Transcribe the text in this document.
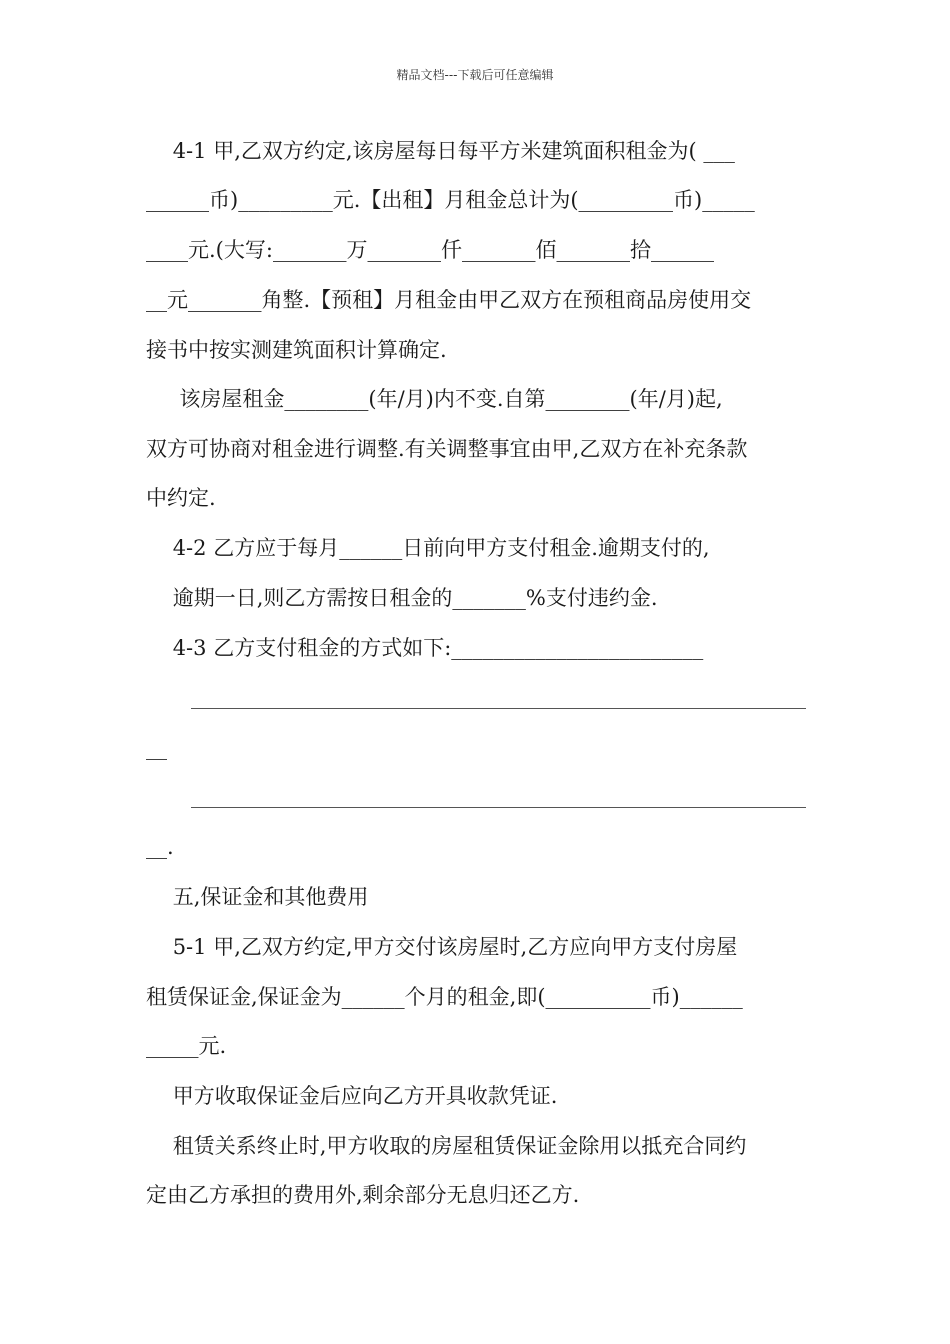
精品文档---下载后可任意编辑
4-1 甲,乙双方约定,该房屋每日每平方米建筑面积租金为( ___
______币)_________元.【出租】月租金总计为(_________币)_____
____元.(大写:_______万_______仟_______佰_______拾______
__元_______角整.【预租】月租金由甲乙双方在预租商品房使用交
接书中按实测建筑面积计算确定.
该房屋租金________(年/月)内不变.自第________(年/月)起,
双方可协商对租金进行调整.有关调整事宜由甲,乙双方在补充条款
中约定.
4-2 乙方应于每月______日前向甲方支付租金.逾期支付的,
逾期一日,则乙方需按日租金的_______%支付违约金.
4-3 乙方支付租金的方式如下:________________________
__
__.
五,保证金和其他费用
5-1 甲,乙双方约定,甲方交付该房屋时,乙方应向甲方支付房屋
租赁保证金,保证金为______个月的租金,即(__________币)______
_____元.
甲方收取保证金后应向乙方开具收款凭证.
租赁关系终止时,甲方收取的房屋租赁保证金除用以抵充合同约
定由乙方承担的费用外,剩余部分无息归还乙方.
